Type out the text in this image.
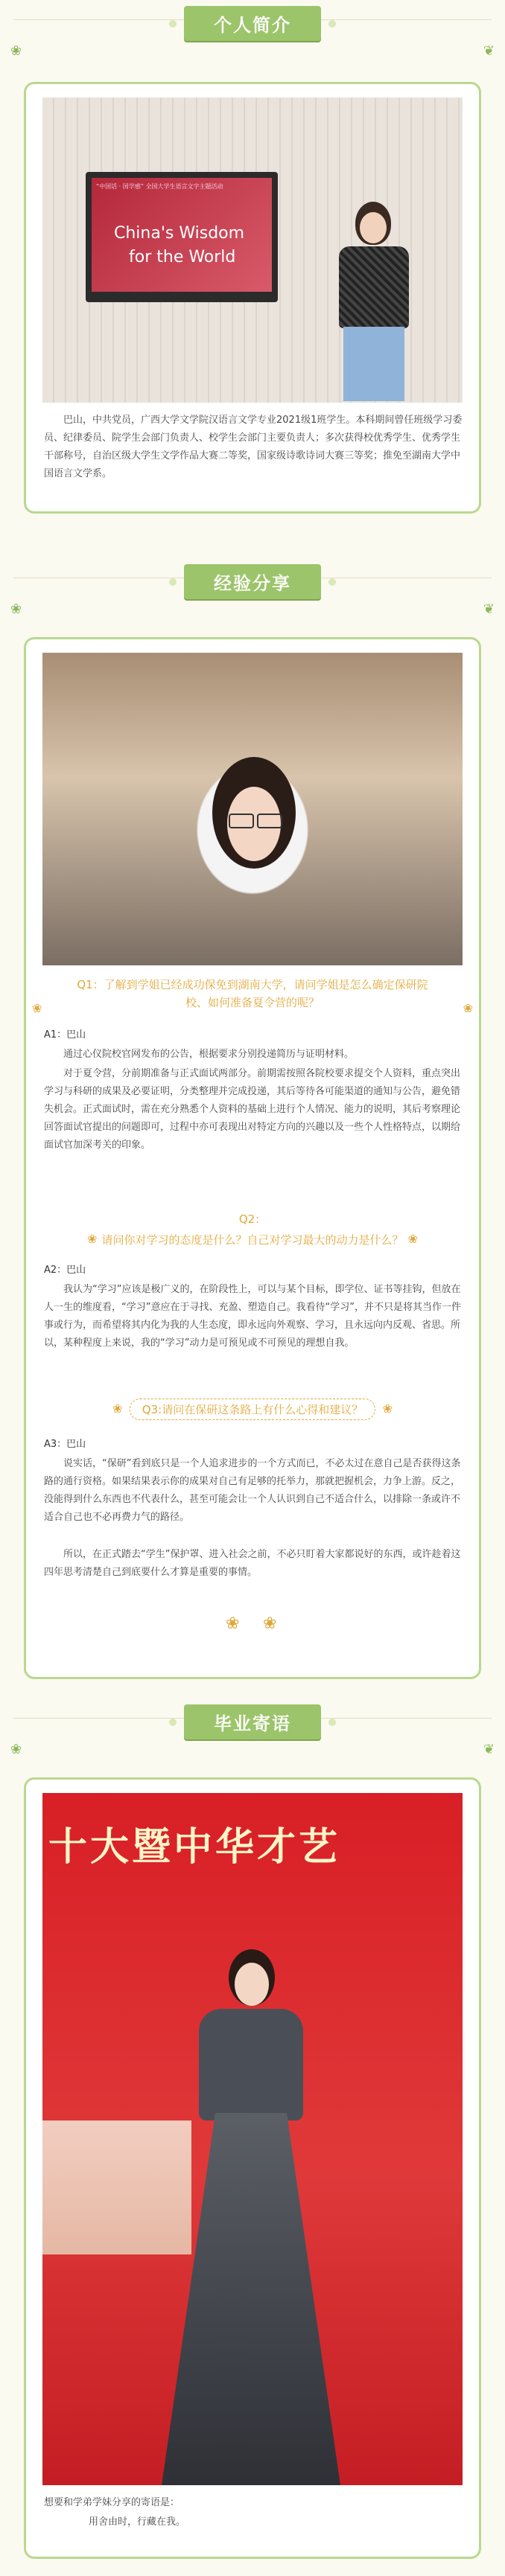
❀	❦
个人简介
“中国话 · 国学感” 全国大学生语言文字主题活动
China's Wisdom
for the World
巴山，中共党员，广西大学文学院汉语言文学专业2021级1班学生。本科期间曾任班级学习委员、纪律委员、院学生会部门负责人、校学生会部门主要负责人；多次获得校优秀学生、优秀学生干部称号，自治区级大学生文学作品大赛二等奖，国家级诗歌诗词大赛三等奖；推免至湖南大学中国语言文学系。
❀	❦
经验分享
❀	❀
Q1：了解到学姐已经成功保免到湖南大学，请问学姐是怎么确定保研院校、如何准备夏令营的呢？
A1：巴山
通过心仪院校官网发布的公告，根据要求分别投递简历与证明材料。
对于夏令营，分前期准备与正式面试两部分。前期需按照各院校要求提交个人资料，重点突出学习与科研的成果及必要证明，分类整理并完成投递，其后等待各可能渠道的通知与公告，避免错失机会。正式面试时，需在充分熟悉个人资料的基础上进行个人情况、能力的说明，其后考察理论回答面试官提出的问题即可，过程中亦可表现出对特定方向的兴趣以及一些个人性格特点，以期给面试官加深考关的印象。
Q2：
❀	❀
请问你对学习的态度是什么？自己对学习最大的动力是什么？
A2：巴山
我认为“学习”应该是极广义的，在阶段性上，可以与某个目标，即学位、证书等挂钩，但放在人一生的维度看，“学习”意应在于寻找、充盈、塑造自己。我看待“学习”，并不只是将其当作一件事或行为，而希望将其内化为我的人生态度，即永远向外观察、学习，且永远向内反观、省思。所以，某种程度上来说，我的“学习”动力是可预见或不可预见的理想自我。
❀	❀
Q3:请问在保研这条路上有什么心得和建议？
A3：巴山
说实话，“保研”看到底只是一个人追求进步的一个方式而已，不必太过在意自己是否获得这条路的通行资格。如果结果表示你的成果对自己有足够的托举力，那就把握机会，力争上游。反之，没能得到什么东西也不代表什么，甚至可能会让一个人认识到自己不适合什么，以排除一条或许不适合自己也不必再费力气的路径。
所以，在正式踏去“学生”保护罩、进入社会之前，不必只盯着大家都说好的东西，或许趁着这四年思考清楚自己到底要什么才算是重要的事情。
❀ ❀
❀	❦
毕业寄语
十大暨中华才艺
想要和学弟学妹分享的寄语是：
用舍由时，行藏在我。
